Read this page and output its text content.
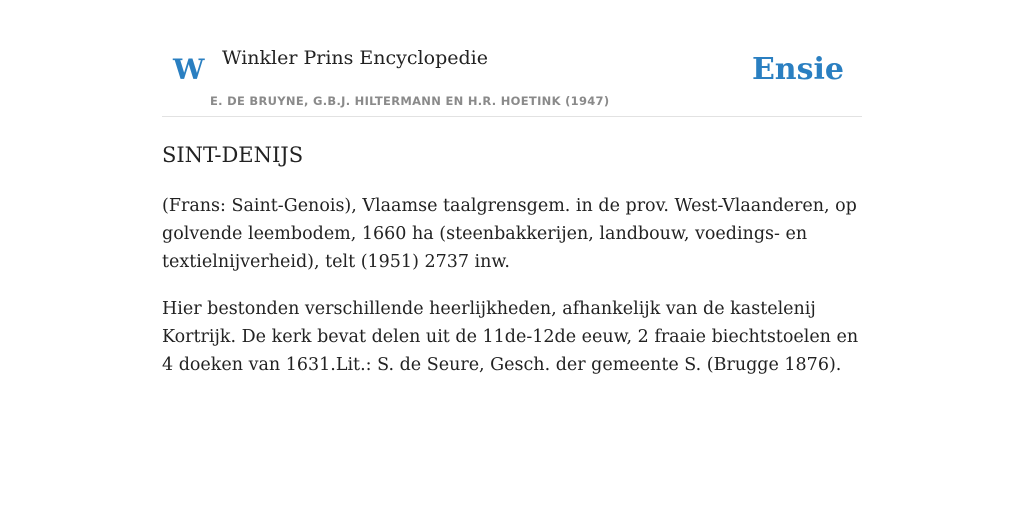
W Winkler Prins Encyclopedie
E. DE BRUYNE, G.B.J. HILTERMANN EN H.R. HOETINK (1947)
Ensie
SINT-DENIJS

(Frans: Saint-Genois), Vlaamse taalgrensgem. in de prov. West-Vlaanderen, op golvende leembodem, 1660 ha (steenbakkerijen, landbouw, voedings- en textielnijverheid), telt (1951) 2737 inw.

Hier bestonden verschillende heerlijkheden, afhankelijk van de kastelenij Kortrijk. De kerk bevat delen uit de 11de-12de eeuw, 2 fraaie biechtstoelen en 4 doeken van 1631.Lit.: S. de Seure, Gesch. der gemeente S. (Brugge 1876).
